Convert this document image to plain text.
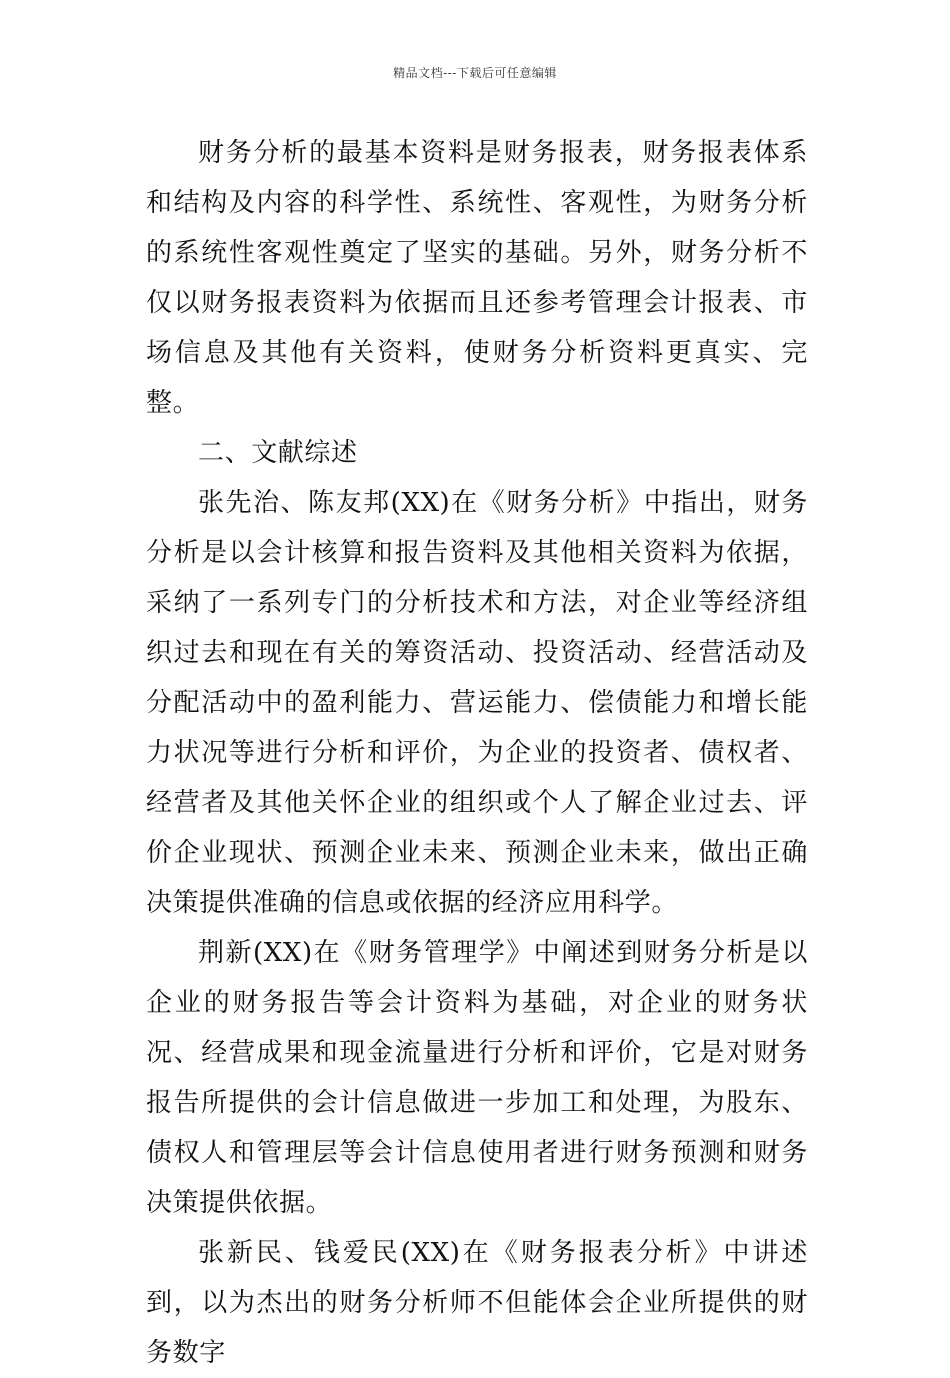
精品文档---下载后可任意编辑

财务分析的最基本资料是财务报表，财务报表体系和结构及内容的科学性、系统性、客观性，为财务分析的系统性客观性奠定了坚实的基础。另外，财务分析不仅以财务报表资料为依据而且还参考管理会计报表、市场信息及其他有关资料，使财务分析资料更真实、完整。

二、文献综述

张先治、陈友邦(XX)在《财务分析》中指出，财务分析是以会计核算和报告资料及其他相关资料为依据，采纳了一系列专门的分析技术和方法，对企业等经济组织过去和现在有关的筹资活动、投资活动、经营活动及分配活动中的盈利能力、营运能力、偿债能力和增长能力状况等进行分析和评价，为企业的投资者、债权者、经营者及其他关怀企业的组织或个人了解企业过去、评价企业现状、预测企业未来、预测企业未来，做出正确决策提供准确的信息或依据的经济应用科学。

荆新(XX)在《财务管理学》中阐述到财务分析是以企业的财务报告等会计资料为基础，对企业的财务状况、经营成果和现金流量进行分析和评价，它是对财务报告所提供的会计信息做进一步加工和处理，为股东、债权人和管理层等会计信息使用者进行财务预测和财务决策提供依据。

张新民、钱爱民(XX)在《财务报表分析》中讲述到，以为杰出的财务分析师不但能体会企业所提供的财务数字
